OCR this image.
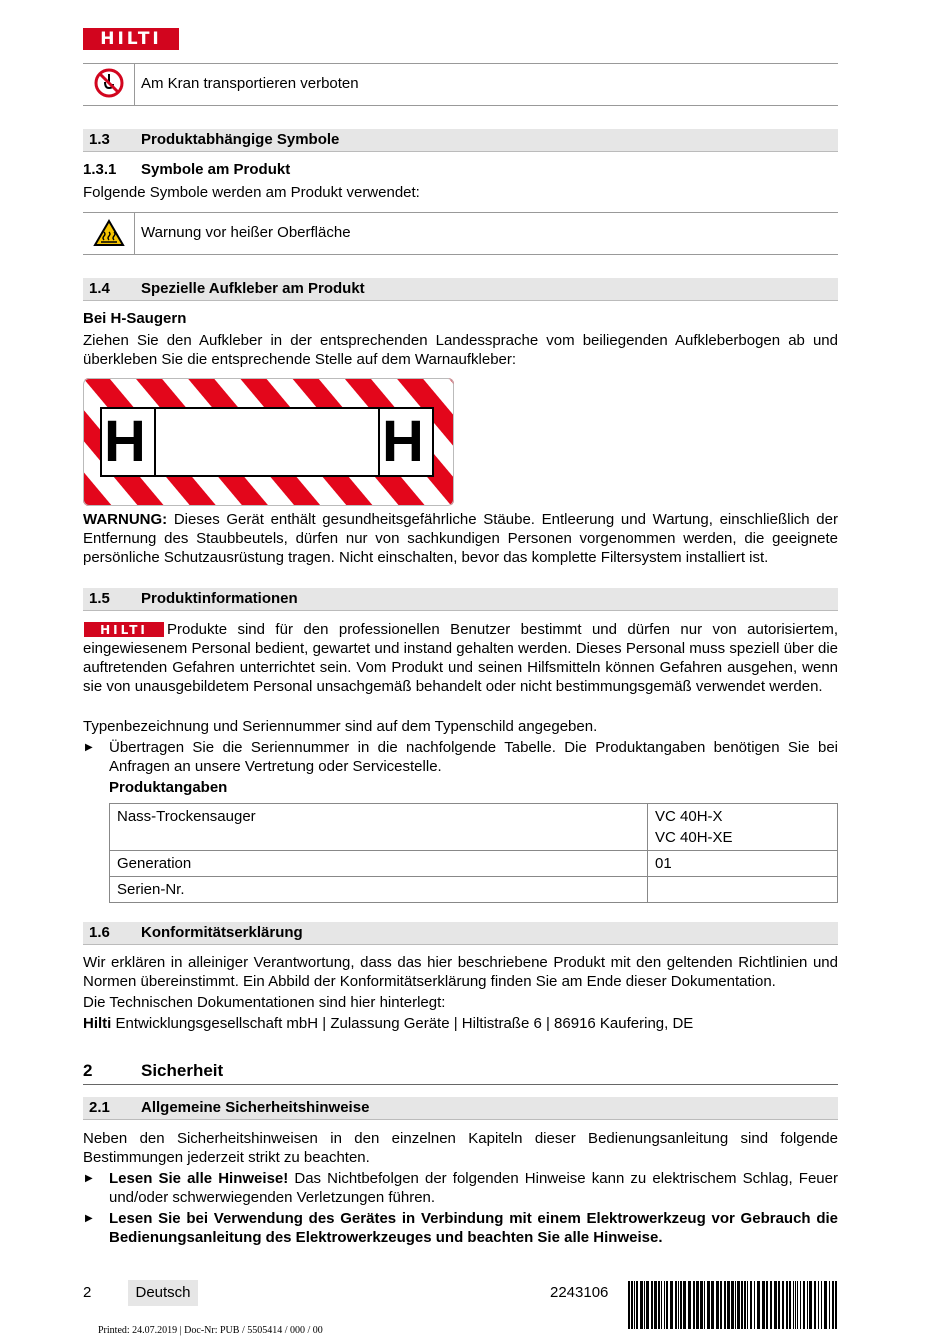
HILTI
Am Kran transportieren verboten
1.3 Produktabhängige Symbole
1.3.1 Symbole am Produkt
Folgende Symbole werden am Produkt verwendet:
Warnung vor heißer Oberfläche
1.4 Spezielle Aufkleber am Produkt
Bei H-Saugern
Ziehen Sie den Aufkleber in der entsprechenden Landessprache vom beiliegenden Aufkleberbogen ab und überkleben Sie die entsprechende Stelle auf dem Warnaufkleber:
H	H
WARNUNG: Dieses Gerät enthält gesundheitsgefährliche Stäube. Entleerung und Wartung, einschließlich der Entfernung des Staubbeutels, dürfen nur von sachkundigen Personen vorgenommen werden, die geeignete persönliche Schutzausrüstung tragen. Nicht einschalten, bevor das komplette Filtersystem installiert ist.
1.5 Produktinformationen
Produkte sind für den professionellen Benutzer bestimmt und dürfen nur von autorisiertem, eingewiesenem Personal bedient, gewartet und instand gehalten werden. Dieses Personal muss speziell über die auftretenden Gefahren unterrichtet sein. Vom Produkt und seinen Hilfsmitteln können Gefahren ausgehen, wenn sie von unausgebildetem Personal unsachgemäß behandelt oder nicht bestimmungsgemäß verwendet werden.
HILTI
Typenbezeichnung und Seriennummer sind auf dem Typenschild angegeben.
▶ Übertragen Sie die Seriennummer in die nachfolgende Tabelle. Die Produktangaben benötigen Sie bei Anfragen an unsere Vertretung oder Servicestelle.
Produktangaben
Nass-Trockensauger	VC 40H-X
VC 40H-XE

Generation	01
Serien-Nr.	
1.6 Konformitätserklärung
Wir erklären in alleiniger Verantwortung, dass das hier beschriebene Produkt mit den geltenden Richtlinien und Normen übereinstimmt. Ein Abbild der Konformitätserklärung finden Sie am Ende dieser Dokumentation.
Die Technischen Dokumentationen sind hier hinterlegt:
Hilti Entwicklungsgesellschaft mbH | Zulassung Geräte | Hiltistraße 6 | 86916 Kaufering, DE
2	Sicherheit
2.1 Allgemeine Sicherheitshinweise
Neben den Sicherheitshinweisen in den einzelnen Kapiteln dieser Bedienungsanleitung sind folgende Bestimmungen jederzeit strikt zu beachten.
▶ Lesen Sie alle Hinweise! Das Nichtbefolgen der folgenden Hinweise kann zu elektrischem Schlag, Feuer und/oder schwerwiegenden Verletzungen führen.
▶ Lesen Sie bei Verwendung des Gerätes in Verbindung mit einem Elektrowerkzeug vor Gebrauch die Bedienungsanleitung des Elektrowerkzeuges und beachten Sie alle Hinweise.
2	Deutsch	2243106
Printed: 24.07.2019 | Doc-Nr: PUB / 5505414 / 000 / 00
